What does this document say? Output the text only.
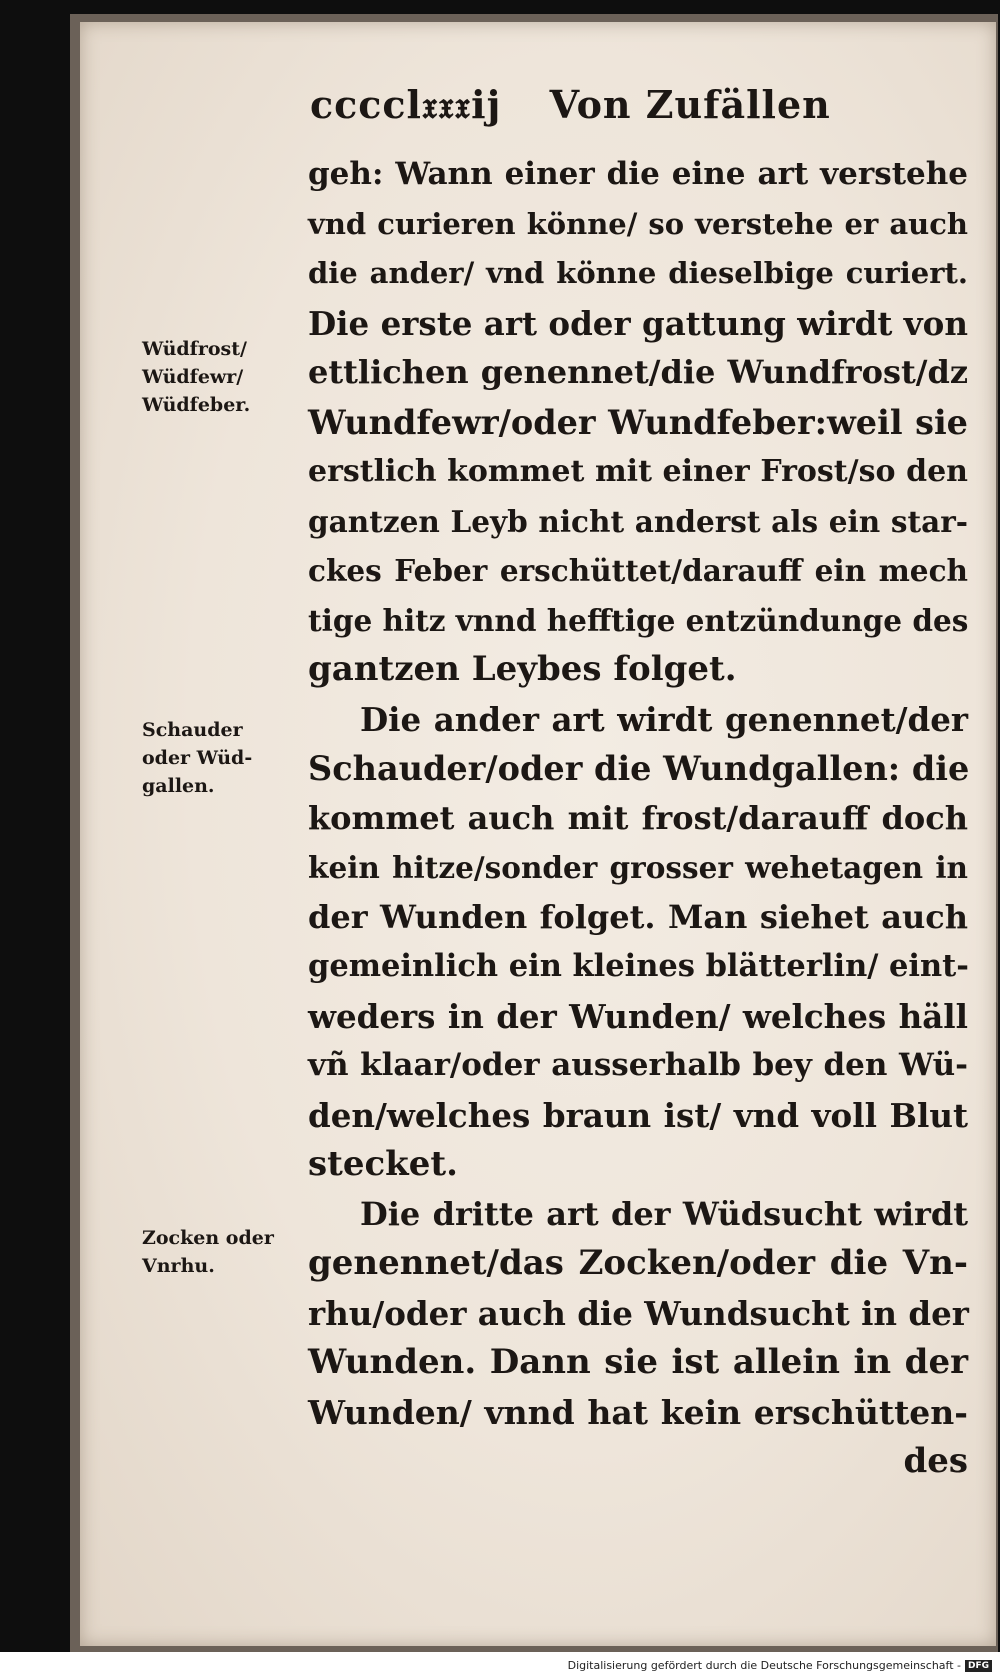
ccccl𝔵𝔵𝔵ij Von Zufällen
Wüdfrost/
Wüdfewr/
Wüdfeber.
Schauder
oder Wüd-
gallen.
Zocken oder
Vnrhu.
geh: Wann einer die eine art verstehe
vnd curieren könne/ so verstehe er auch
die ander/ vnd könne dieselbige curiert.
Die erste art oder gattung wirdt von
ettlichen genennet/die Wundfrost/dz
Wundfewr/oder Wundfeber:weil sie
erstlich kommet mit einer Frost/so den
gantzen Leyb nicht anderst als ein star-
ckes Feber erschüttet/darauff ein mech
tige hitz vnnd hefftige entzündunge des
gantzen Leybes folget.
Die ander art wirdt genennet/der
Schauder/oder die Wundgallen: die
kommet auch mit frost/darauff doch
kein hitze/sonder grosser wehetagen in
der Wunden folget. Man siehet auch
gemeinlich ein kleines blätterlin/ eint-
weders in der Wunden/ welches häll
vñ klaar/oder ausserhalb bey den Wü-
den/welches braun ist/ vnd voll Blut
stecket.
Die dritte art der Wüdsucht wirdt
genennet/das Zocken/oder die Vn-
rhu/oder auch die Wundsucht in der
Wunden. Dann sie ist allein in der
Wunden/ vnnd hat kein erschütten-
des
Digitalisierung gefördert durch die Deutsche Forschungsgemeinschaft - DFG
